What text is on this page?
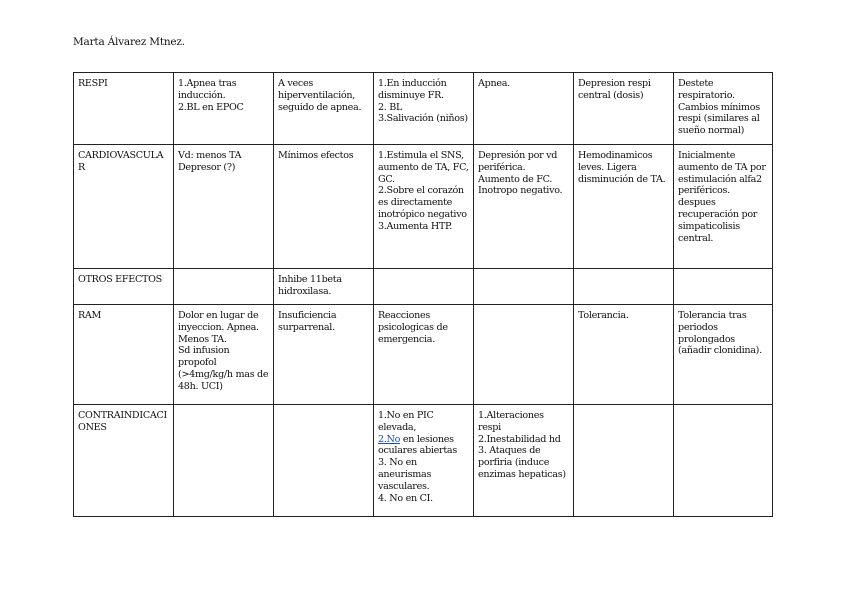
Marta Álvarez Mtnez.
RESPI	1.Apnea tras inducción.
2.BL en EPOC	A veces hiperventilación, seguido de apnea.	1.En inducción disminuye FR.
2. BL
3.Salivación (niños)	Apnea.	Depresion respi central (dosis)	Destete respiratorio. Cambios mínimos respi (similares al sueño normal)
CARDIOVASCULAR	Vd: menos TA
Depresor (?)	Mínimos efectos	1.Estimula el SNS, aumento de TA, FC, GC.
2.Sobre el corazón es directamente inotrópico negativo
3.Aumenta HTP.	Depresión por vd periférica. Aumento de FC. Inotropo negativo.	Hemodinamicos leves. Ligera disminución de TA.	Inicialmente aumento de TA por estimulación alfa2 periféricos. despues recuperación por simpaticolisis central.
OTROS EFECTOS		Inhibe 11beta hidroxilasa.				
RAM	Dolor en lugar de inyeccion. Apnea. Menos TA.
Sd infusion propofol (>4mg/kg/h mas de 48h. UCI)	Insuficiencia surparrenal.	Reacciones psicologicas de emergencia.		Tolerancia.	Tolerancia tras periodos prolongados (añadir clonidina).
CONTRAINDICACIONES			1.No en PIC elevada,
2.No en lesiones oculares abiertas
3. No en aneurismas vasculares.
4. No en CI.	1.Alteraciones respi
2.Inestabilidad hd
3. Ataques de porfiria (induce enzimas hepaticas)		
